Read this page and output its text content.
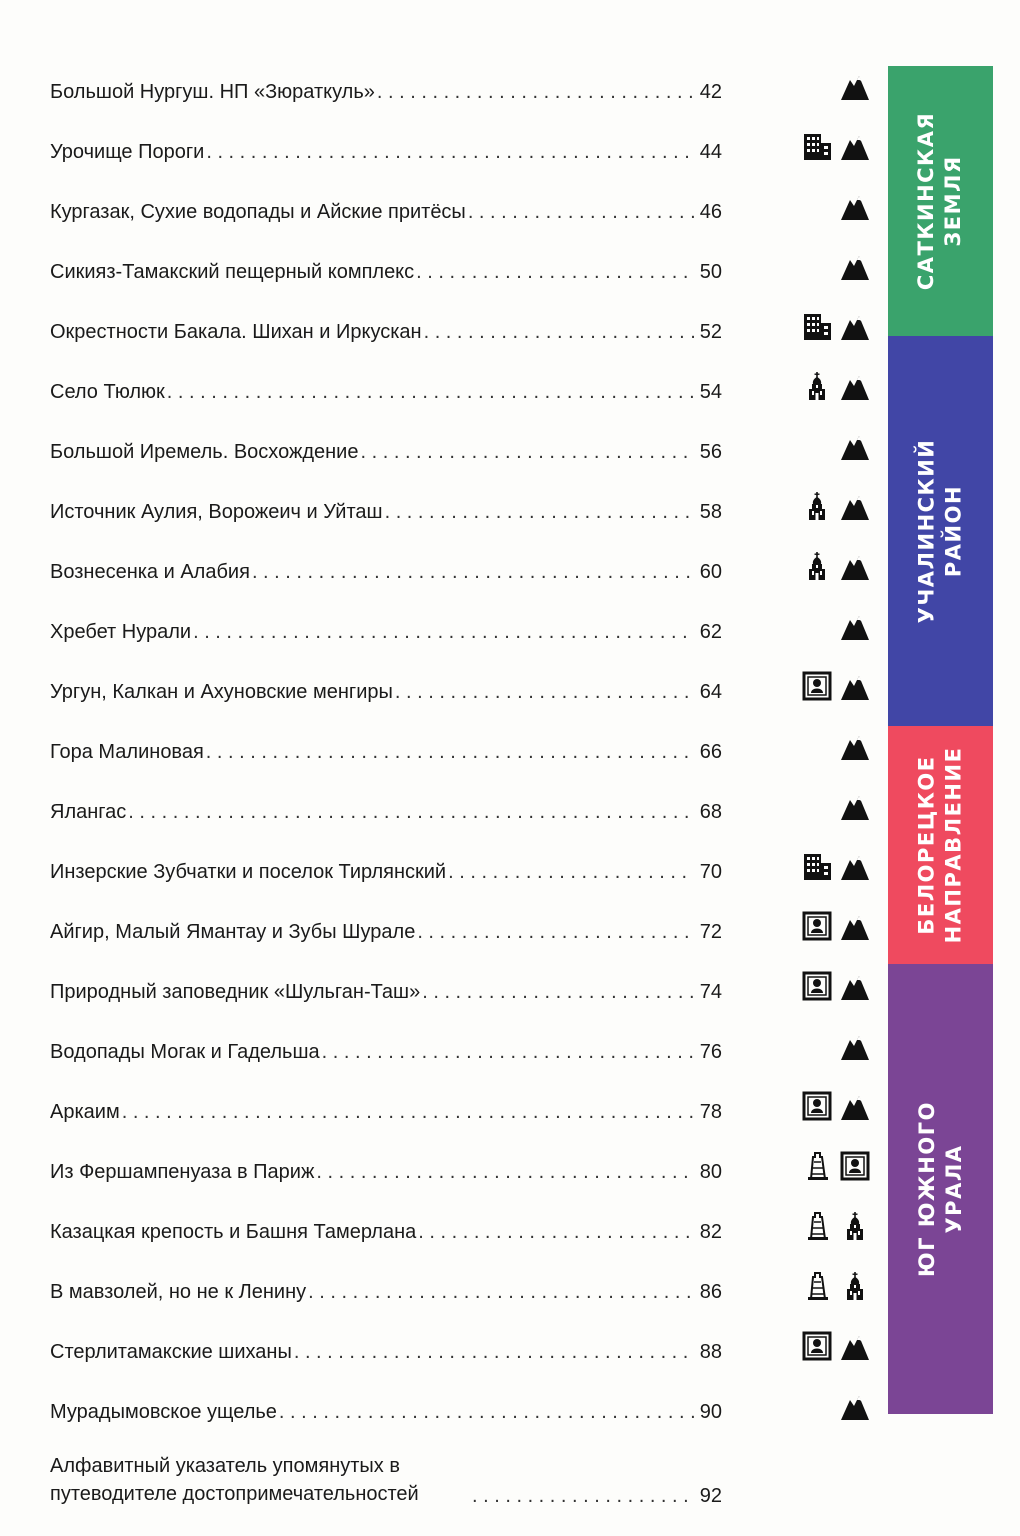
Большой Нургуш. НП «Зюраткуль» . . .	42
Урочище Пороги . . .	44
Кургазак, Сухие водопады и Айские притёсы . . .	46
Сикияз-Тамакский пещерный комплекс . . .	50
Окрестности Бакала. Шихан и Иркускан . . .	52
Село Тюлюк . . .	54
Большой Иремель. Восхождение . . .	56
Источник Аулия, Ворожеич и Уйташ . . .	58
Вознесенка и Алабия . . .	60
Хребет Нурали . . .	62
Ургун, Калкан и Ахуновские менгиры . . .	64
Гора Малиновая . . .	66
Ялангас . . .	68
Инзерские Зубчатки и поселок Тирлянский . . .	70
Айгир, Малый Ямантау и Зубы Шурале . . .	72
Природный заповедник «Шульган-Таш» . . .	74
Водопады Могак и Гадельша . . .	76
Аркаим . . .	78
Из Фершампенуаза в Париж . . .	80
Казацкая крепость и Башня Тамерлана . . .	82
В мавзолей, но не к Ленину . . .	86
Стерлитамакские шиханы . . .	88
Мурадымовское ущелье . . .	90
Алфавитный указатель упомянутых в путеводителе достопримечательностей . . .	92
САТКИНСКАЯ
ЗЕМЛЯ
УЧАЛИНСКИЙ
РАЙОН
БЕЛОРЕЦКОЕ
НАПРАВЛЕНИЕ
ЮГ ЮЖНОГО
УРАЛА
